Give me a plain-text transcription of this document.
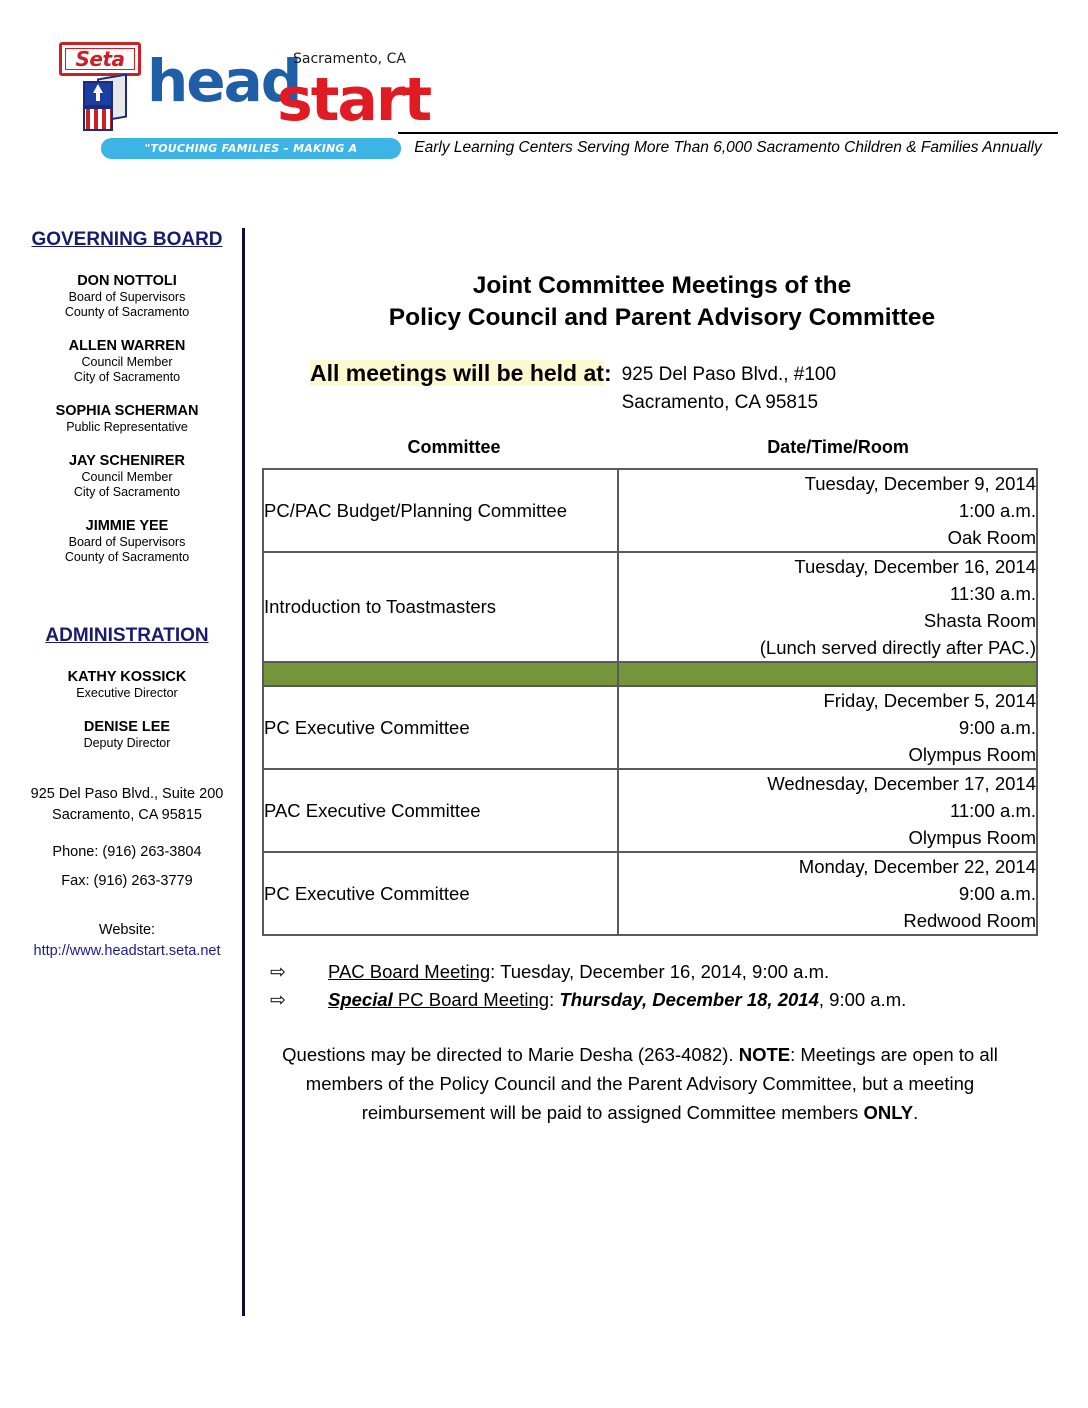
Seta head
Sacramento, CA
start
"TOUCHING FAMILIES – MAKING A DIFFERENCE"
Early Learning Centers Serving More Than 6,000 Sacramento Children & Families Annually
GOVERNING BOARD
DON NOTTOLI
Board of Supervisors
County of Sacramento
ALLEN WARREN
Council Member
City of Sacramento
SOPHIA SCHERMAN
Public Representative
JAY SCHENIRER
Council Member
City of Sacramento
JIMMIE YEE
Board of Supervisors
County of Sacramento
ADMINISTRATION
KATHY KOSSICK
Executive Director
DENISE LEE
Deputy Director
925 Del Paso Blvd., Suite 200
Sacramento, CA 95815
Phone: (916) 263-3804
Fax: (916) 263-3779
Website:
http://www.headstart.seta.net
Joint Committee Meetings of the
Policy Council and Parent Advisory Committee
All meetings will be held at: 925 Del Paso Blvd., #100
Sacramento, CA 95815
Committee	Date/Time/Room
PC/PAC Budget/Planning Committee	Tuesday, December 9, 2014
1:00 a.m.
Oak Room

Introduction to Toastmasters	Tuesday, December 16, 2014
11:30 a.m.
Shasta Room
(Lunch served directly after PAC.)

PC Executive Committee	Friday, December 5, 2014
9:00 a.m.
Olympus Room

PAC Executive Committee	Wednesday, December 17, 2014
11:00 a.m.
Olympus Room

PC Executive Committee	Monday, December 22, 2014
9:00 a.m.
Redwood Room
⇨	PAC Board Meeting: Tuesday, December 16, 2014, 9:00 a.m.
⇨	Special PC Board Meeting: Thursday, December 18, 2014, 9:00 a.m.
Questions may be directed to Marie Desha (263-4082). NOTE: Meetings are open to all members of the Policy Council and the Parent Advisory Committee, but a meeting reimbursement will be paid to assigned Committee members ONLY.
